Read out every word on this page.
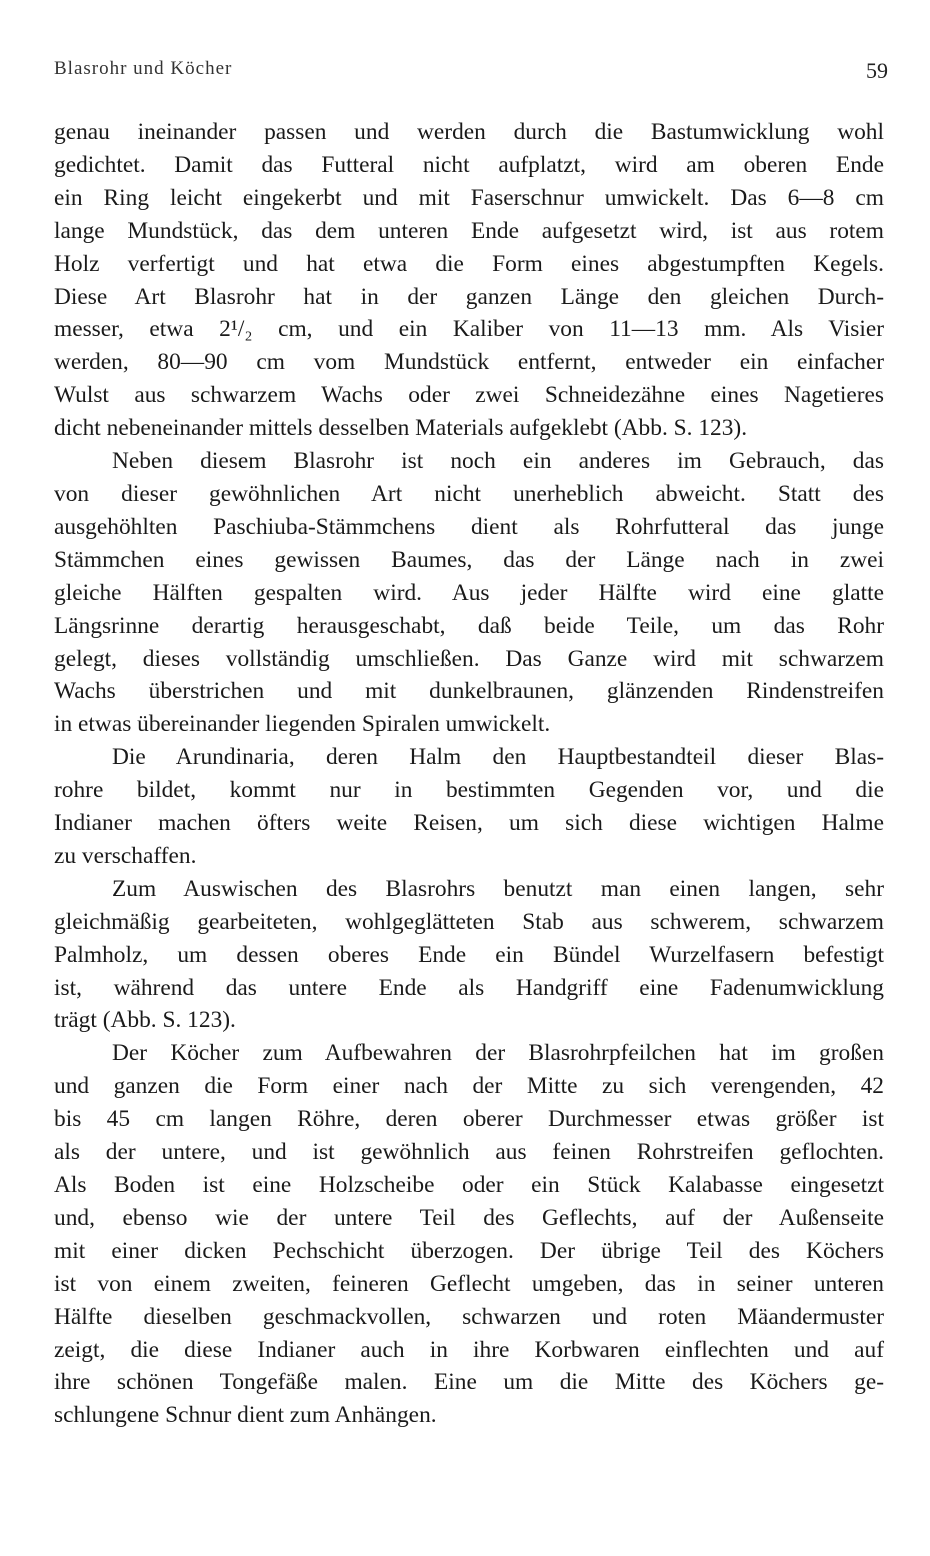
Blasrohr und Köcher	59
genau ineinander passen und werden durch die Bastumwicklung wohl
gedichtet. Damit das Futteral nicht aufplatzt, wird am oberen Ende
ein Ring leicht eingekerbt und mit Faserschnur umwickelt. Das 6—8 cm
lange Mundstück, das dem unteren Ende aufgesetzt wird, ist aus rotem
Holz verfertigt und hat etwa die Form eines abgestumpften Kegels.
Diese Art Blasrohr hat in der ganzen Länge den gleichen Durch-
messer, etwa 2¹/₂ cm, und ein Kaliber von 11—13 mm. Als Visier
werden, 80—90 cm vom Mundstück entfernt, entweder ein einfacher
Wulst aus schwarzem Wachs oder zwei Schneidezähne eines Nagetieres
dicht nebeneinander mittels desselben Materials aufgeklebt (Abb. S. 123).
Neben diesem Blasrohr ist noch ein anderes im Gebrauch, das
von dieser gewöhnlichen Art nicht unerheblich abweicht. Statt des
ausgehöhlten Paschiuba-Stämmchens dient als Rohrfutteral das junge
Stämmchen eines gewissen Baumes, das der Länge nach in zwei
gleiche Hälften gespalten wird. Aus jeder Hälfte wird eine glatte
Längsrinne derartig herausgeschabt, daß beide Teile, um das Rohr
gelegt, dieses vollständig umschließen. Das Ganze wird mit schwarzem
Wachs überstrichen und mit dunkelbraunen, glänzenden Rindenstreifen
in etwas übereinander liegenden Spiralen umwickelt.
Die Arundinaria, deren Halm den Hauptbestandteil dieser Blas-
rohre bildet, kommt nur in bestimmten Gegenden vor, und die
Indianer machen öfters weite Reisen, um sich diese wichtigen Halme
zu verschaffen.
Zum Auswischen des Blasrohrs benutzt man einen langen, sehr
gleichmäßig gearbeiteten, wohlgeglätteten Stab aus schwerem, schwarzem
Palmholz, um dessen oberes Ende ein Bündel Wurzelfasern befestigt
ist, während das untere Ende als Handgriff eine Fadenumwicklung
trägt (Abb. S. 123).
Der Köcher zum Aufbewahren der Blasrohrpfeilchen hat im großen
und ganzen die Form einer nach der Mitte zu sich verengenden, 42
bis 45 cm langen Röhre, deren oberer Durchmesser etwas größer ist
als der untere, und ist gewöhnlich aus feinen Rohrstreifen geflochten.
Als Boden ist eine Holzscheibe oder ein Stück Kalabasse eingesetzt
und, ebenso wie der untere Teil des Geflechts, auf der Außenseite
mit einer dicken Pechschicht überzogen. Der übrige Teil des Köchers
ist von einem zweiten, feineren Geflecht umgeben, das in seiner unteren
Hälfte dieselben geschmackvollen, schwarzen und roten Mäandermuster
zeigt, die diese Indianer auch in ihre Korbwaren einflechten und auf
ihre schönen Tongefäße malen. Eine um die Mitte des Köchers ge-
schlungene Schnur dient zum Anhängen.
